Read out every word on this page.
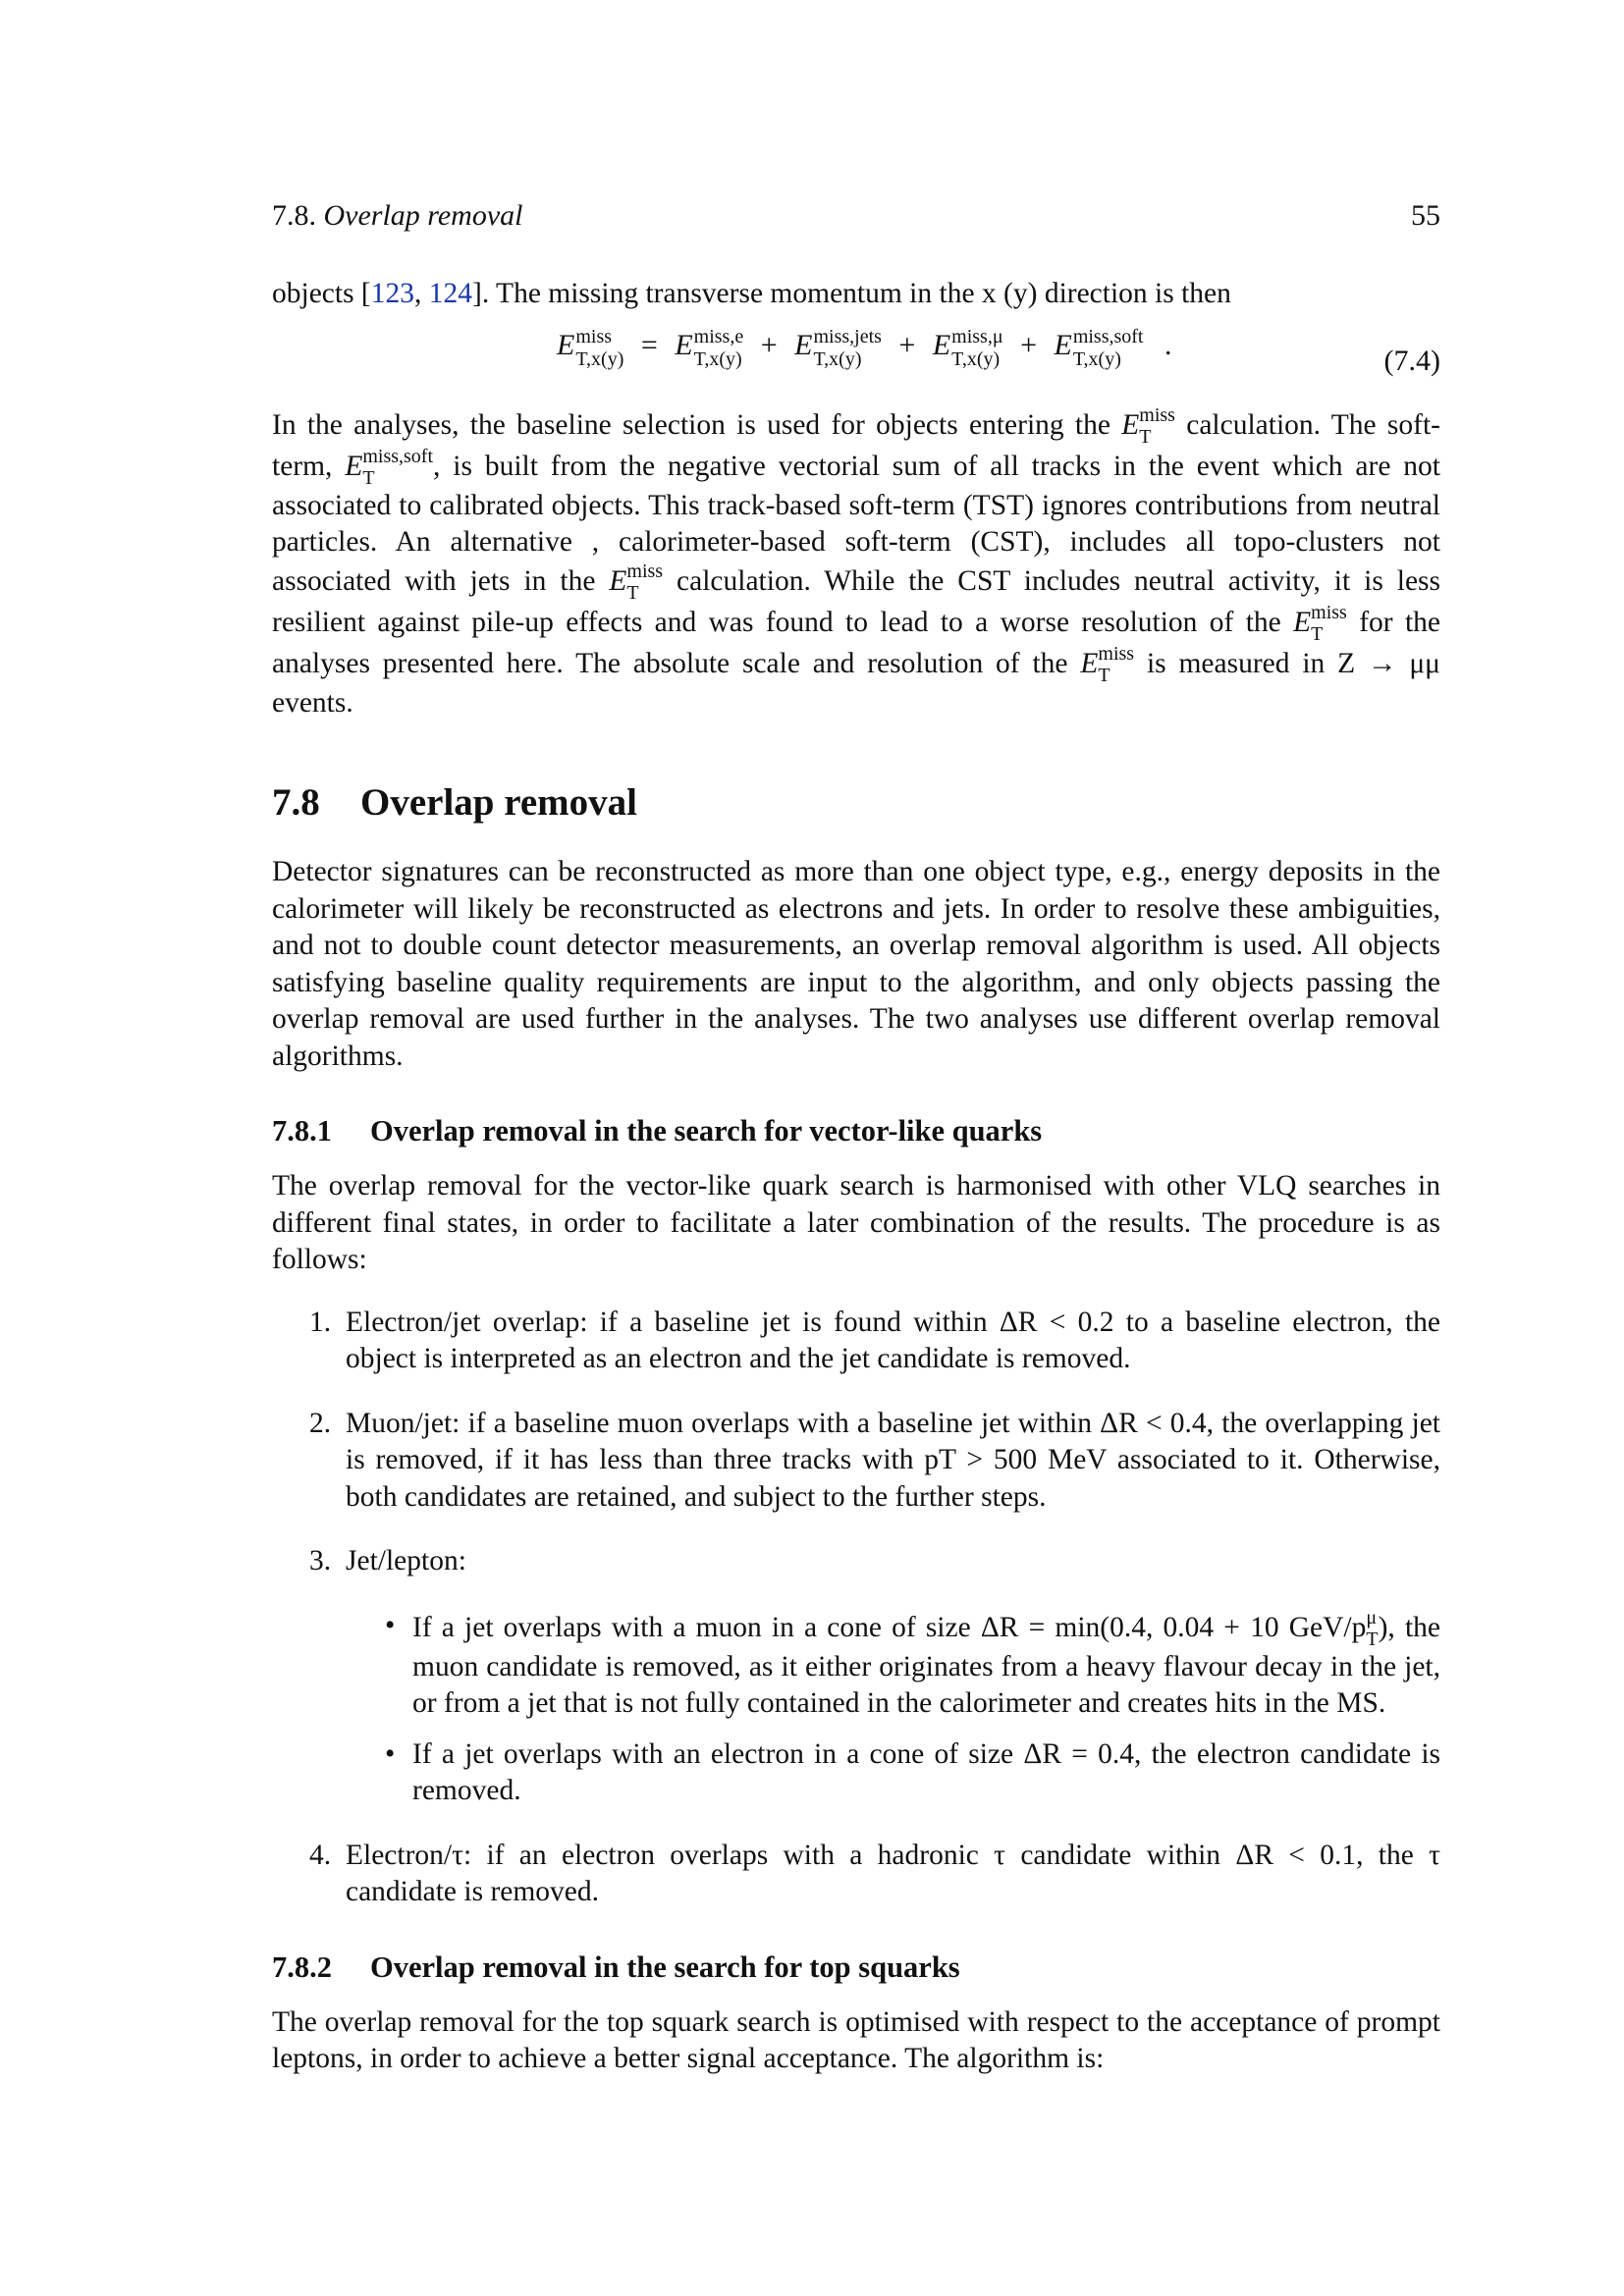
7.8. Overlap removal	55

objects [123, 124]. The missing transverse momentum in the x (y) direction is then

E miss
T,x(y) = E miss,e
T,x(y) + E miss,jets
T,x(y)	+ E miss,μ
T,x(y) + E miss,soft
T,x(y)	.	(7.4)

In the analyses, the baseline selection is used for objects entering the E miss
T calculation. The soft-term, E miss,soft
T	, is built from the negative vectorial sum of all tracks in the event which are not associated to calibrated objects. This track-based soft-term (TST) ignores contributions from neutral particles. An alternative , calorimeter-based soft-term (CST), includes all topo-clusters not associated with jets in the E miss
T calculation. While the CST includes neutral activity, it is less resilient against pile-up effects and was found to lead to a worse resolution of the E miss
T for the analyses presented here. The absolute scale and resolution of the E miss
T is measured in Z → μμ events.

7.8 Overlap removal

Detector signatures can be reconstructed as more than one object type, e.g., energy deposits in the calorimeter will likely be reconstructed as electrons and jets. In order to resolve these ambiguities, and not to double count detector measurements, an overlap removal algorithm is used. All objects satisfying baseline quality requirements are input to the algorithm, and only objects passing the overlap removal are used further in the analyses. The two analyses use different overlap removal algorithms.

7.8.1 Overlap removal in the search for vector-like quarks

The overlap removal for the vector-like quark search is harmonised with other VLQ searches in different final states, in order to facilitate a later combination of the results. The procedure is as follows:

1. Electron/jet overlap: if a baseline jet is found within ΔR < 0.2 to a baseline electron, the object is interpreted as an electron and the jet candidate is removed.
2. Muon/jet: if a baseline muon overlaps with a baseline jet within ΔR < 0.4, the overlapping jet is removed, if it has less than three tracks with pT > 500 MeV associated to it. Otherwise, both candidates are retained, and subject to the further steps.
3. Jet/lepton:
• If a jet overlaps with a muon in a cone of size ΔR = min(0.4, 0.04 + 10 GeV/p μ
T ), the muon candidate is removed, as it either originates from a heavy flavour decay in the jet, or from a jet that is not fully contained in the calorimeter and creates hits in the MS.
• If a jet overlaps with an electron in a cone of size ΔR = 0.4, the electron candidate is removed.
4. Electron/τ: if an electron overlaps with a hadronic τ candidate within ΔR < 0.1, the τ candidate is removed.
7.8.2 Overlap removal in the search for top squarks

The overlap removal for the top squark search is optimised with respect to the acceptance of prompt leptons, in order to achieve a better signal acceptance. The algorithm is:
